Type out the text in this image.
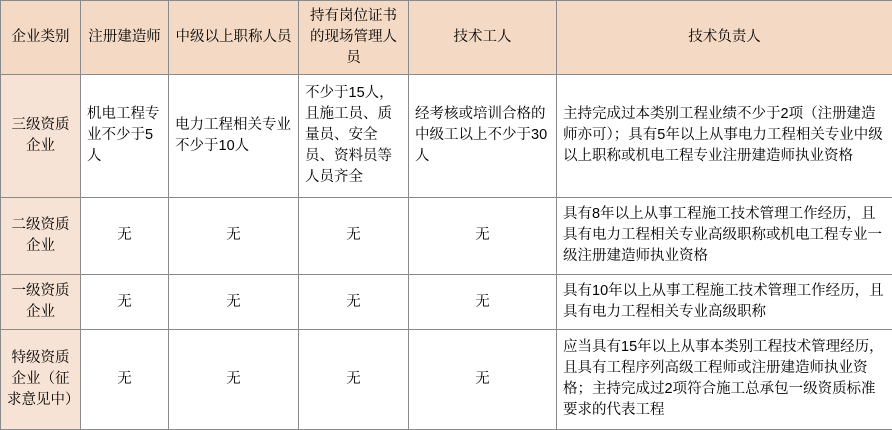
企业类别	注册建造师	中级以上职称人员	持有岗位证书的现场管理人员	技术工人	技术负责人
三级资质企业	机电工程专业不少于5人	电力工程相关专业不少于10人	不少于15人，且施工员、质量员、安全员、资料员等人员齐全	经考核或培训合格的中级工以上不少于30人	主持完成过本类别工程业绩不少于2项（注册建造师亦可）；具有5年以上从事电力工程相关专业中级以上职称或机电工程专业注册建造师执业资格
二级资质企业	无	无	无	无	具有8年以上从事工程施工技术管理工作经历，且具有电力工程相关专业高级职称或机电工程专业一级注册建造师执业资格
一级资质企业	无	无	无	无	具有10年以上从事工程施工技术管理工作经历，且具有电力工程相关专业高级职称
特级资质企业（征求意见中）	无	无	无	无	应当具有15年以上从事本类别工程技术管理经历，且具有工程序列高级工程师或注册建造师执业资格；主持完成过2项符合施工总承包一级资质标准要求的代表工程
